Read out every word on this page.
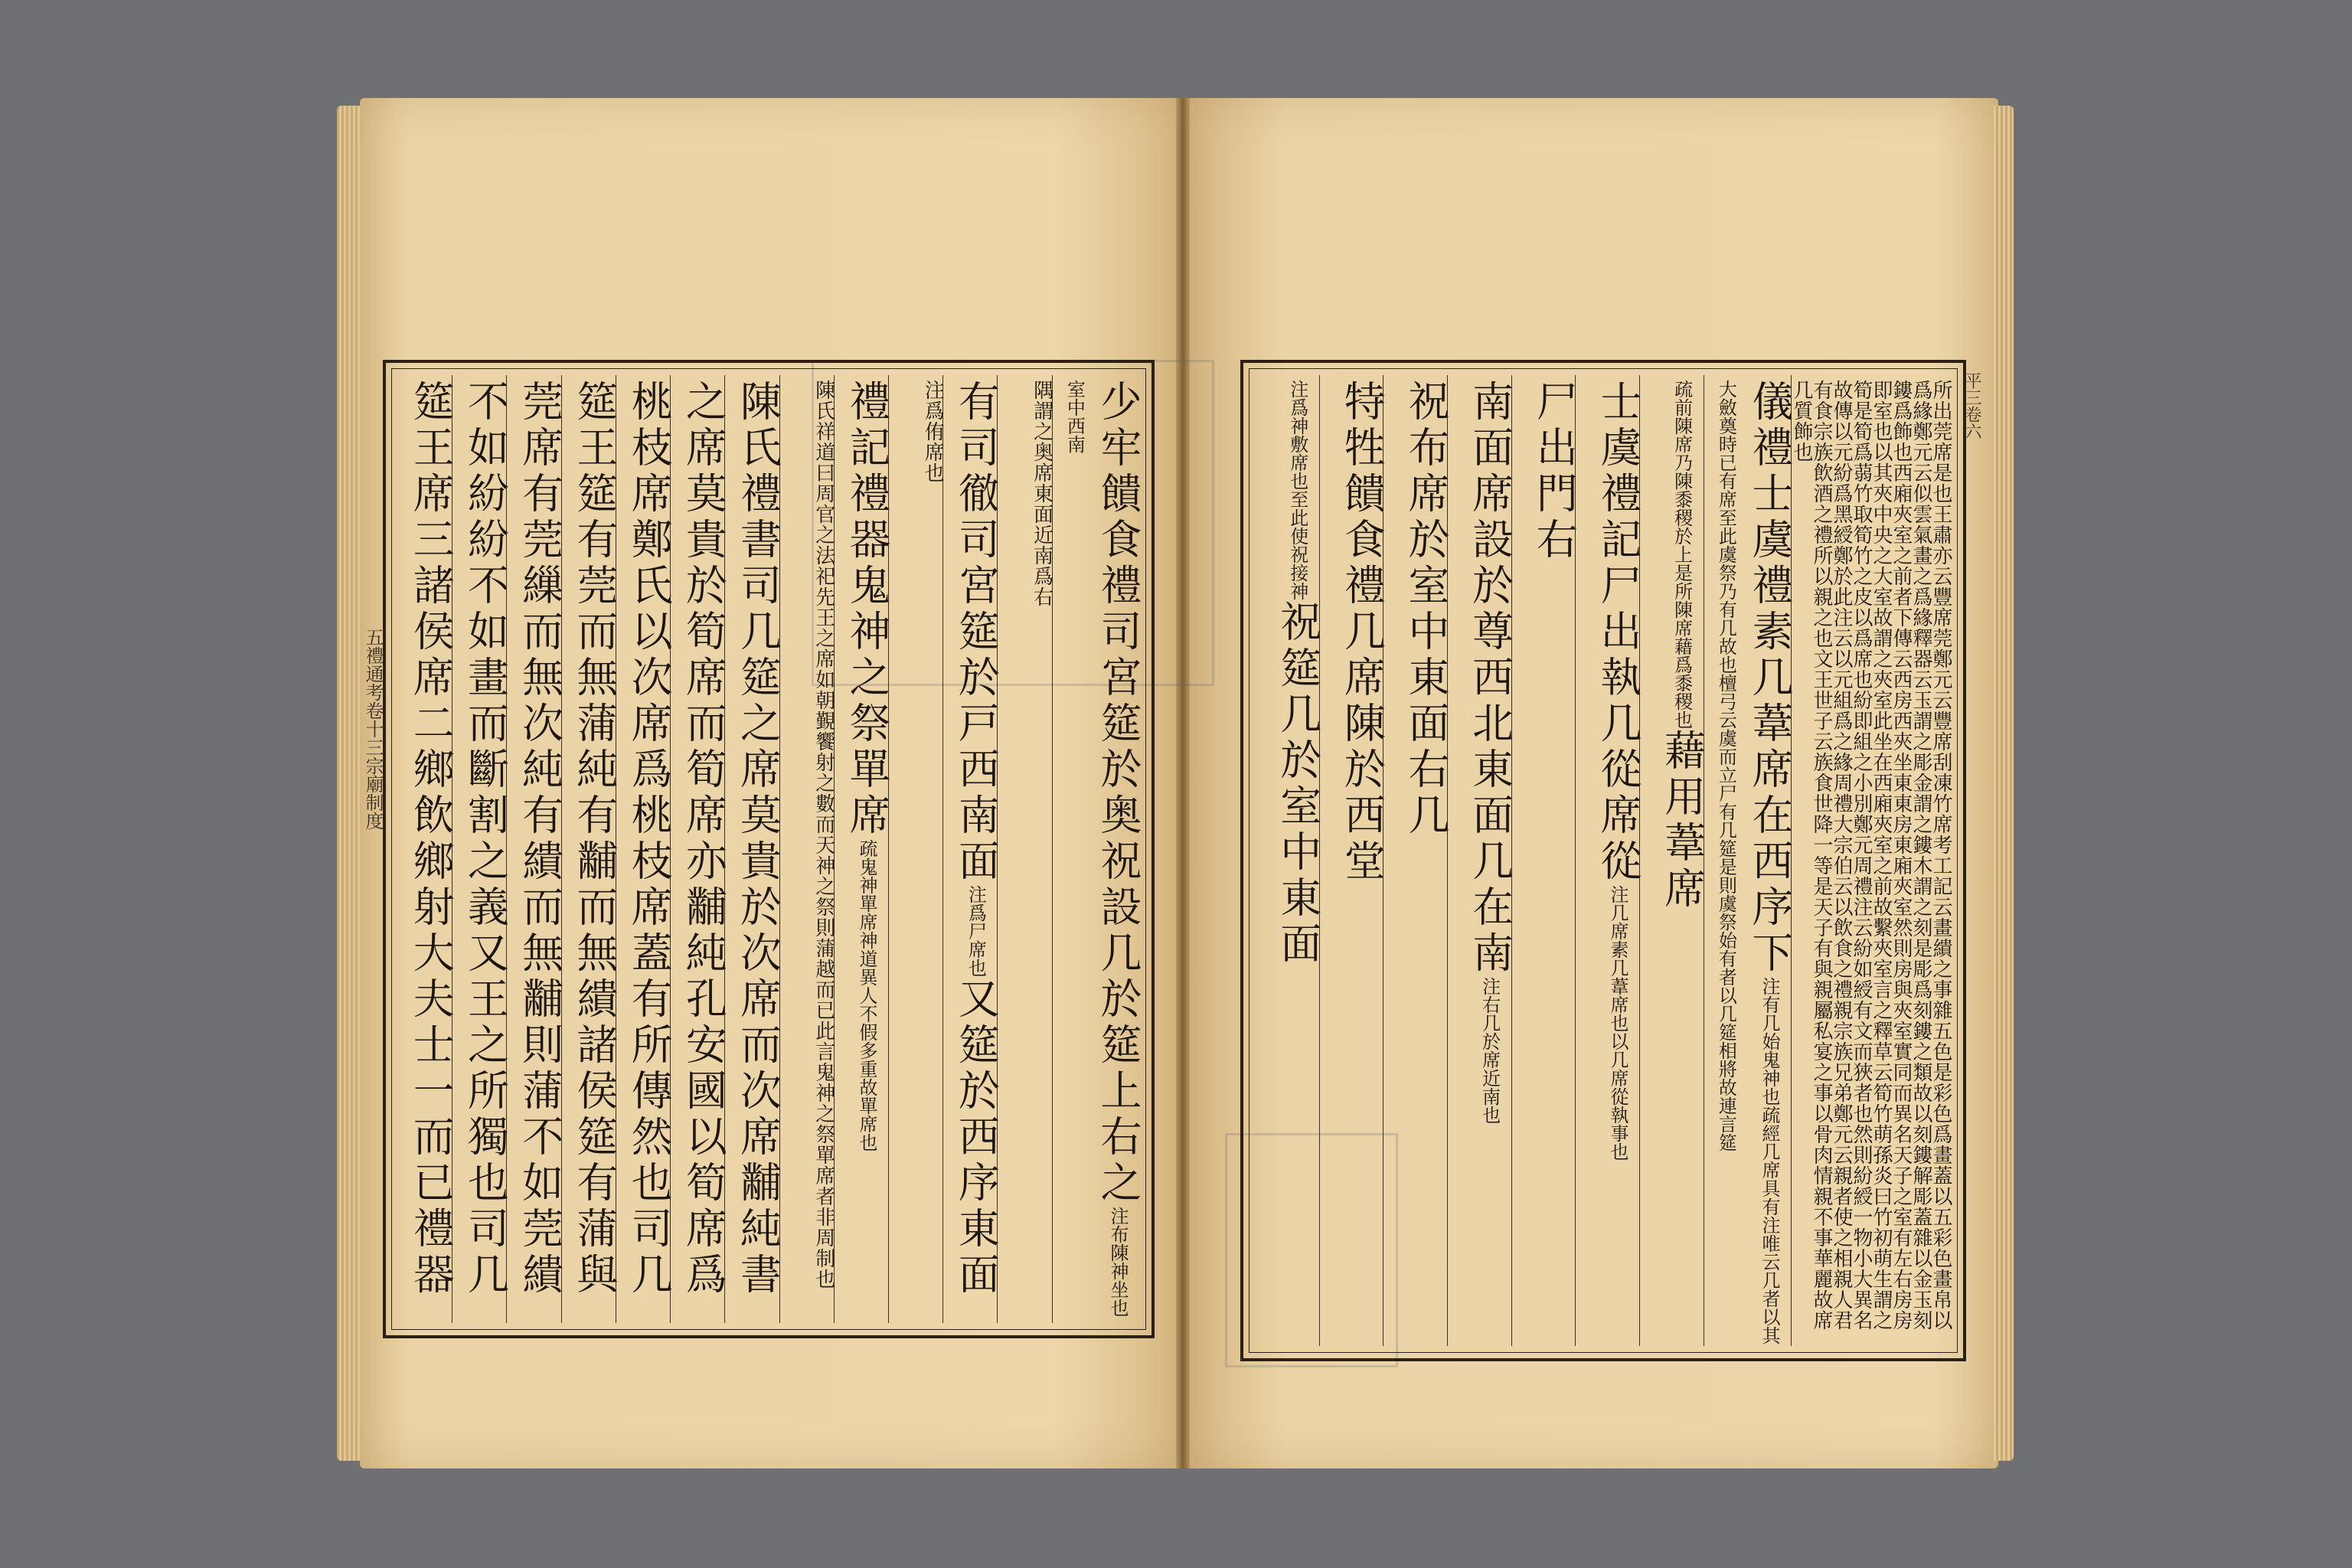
少牢饋食禮司宮筵於奥祝設几於筵上右之注布陳神坐也室中西南
隅謂之奥席東面近南爲右
有司徹司宮筵於戸西南面注爲尸席也又筵於西序東面
注爲侑席也
禮記禮器鬼神之祭單席疏鬼神單席神道異人不假多重故單席也
陳氏祥道曰周官之法祀先王之席如朝覲饗射之數而天神之祭則蒲越而已此言鬼神之祭單席者非周制也
陳氏禮書司几筵之席莫貴於次席而次席黼純書
之席莫貴於筍席而筍席亦黼純孔安國以筍席爲
桃枝席鄭氏以次席爲桃枝席蓋有所傳然也司几
筵王筵有莞而無蒲純有黼而無繢諸侯筵有蒲與
莞席有莞繅而無次純有繢而無黼則蒲不如莞繢
不如紛紛不如畫而斷割之義又王之所獨也司几
筵王席三諸侯席二鄉飲鄉射大夫士一而已禮器	所出莞席是也王肅亦云豐席莞鄭元云豐席刮凍竹席考工記云畫繢之事雜五色是彩色爲畫蓋以五彩色畫帛以爲緣鄭元云似雲氣畫之爲緣釋器云玉謂之彫金謂之鏤木謂之刻是彫爲刻鏤之類故以刻鏤解彫蓋雜以金玉刻鏤爲飾也西廂夾室之前者下傳云西房西夾坐東東房東廂夾室然則房與夾室實同而異名天子之室有左右房房即室也以其夾中央之大室故謂之夾室此坐在西廂夾室之前故繫夾室言之釋草云筍竹萌孫炎曰竹初萌生謂之筍是筍爲蒻竹取筍竹之皮以爲席也紛即組之小別鄭元周禮注云紛如綬有文而狹者也然則紛綬一物小大異名故傳以元紛爲黑綬鄭於此注云以元組爲之緣周禮大宗伯云以飲食之禮親宗族兄弟鄭元云親者使之相親人君有食宗族飲酒之禮所以親之也文王世子云族食世降一等是天子有與親屬私宴之事以骨肉情親不事華麗故席几質飾也
儀禮士虞禮素几葦席在西序下注有几始鬼神也疏經几席具有注唯云几者以其大斂奠時已有席至此虞祭乃有几故也檀弓云虞而立尸有几筵是則虞祭始有者以几筵相將故連言筵
疏前陳席乃陳黍稷於上是所陳席藉爲黍稷也藉用葦席
士虞禮記尸出執几從席從注几席素几葦席也以几席從執事也
尸出門右
南面席設於尊西北東面几在南注右几於席近南也
祝布席於室中東面右几
特牲饋食禮几席陳於西堂
注爲神敷席也至此使祝接神祝筵几於室中東面
五禮通考卷十三宗廟制度
平三卷六
